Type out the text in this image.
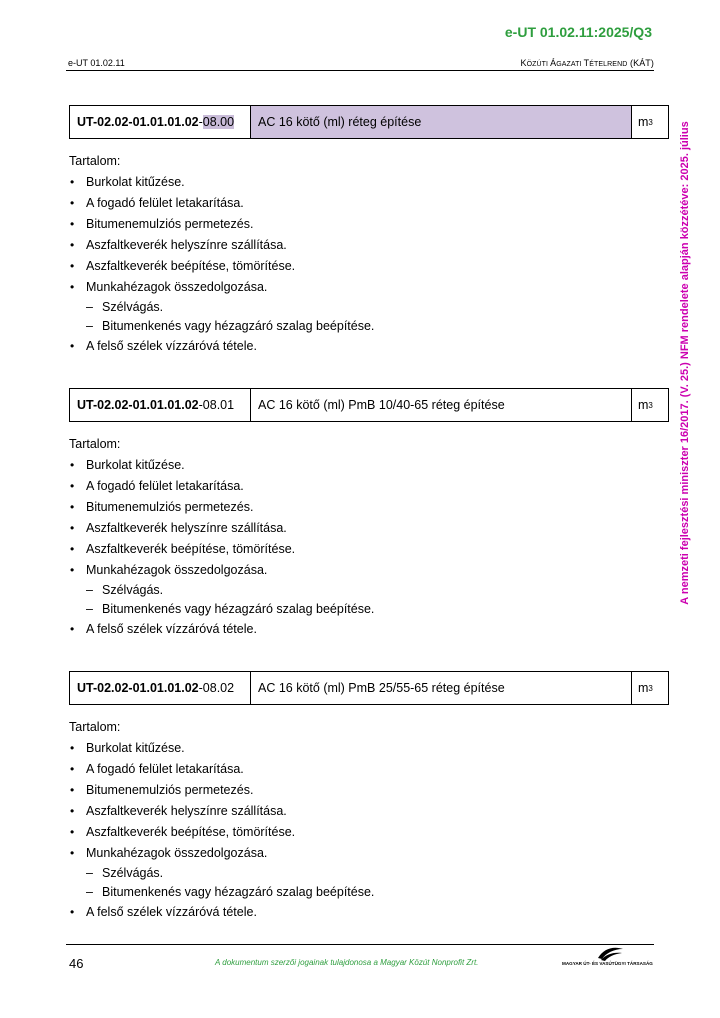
e-UT 01.02.11:2025/Q3
e-UT 01.02.11	KÖZÚTI ÁGAZATI TÉTELREND (KÁT)
A nemzeti fejlesztési miniszter 16/2017. (V. 25.) NFM rendelete alapján közzétéve: 2025. július
UT-02.02-01.01.01.02 - 08.00	AC 16 kötő (ml) réteg építése	m 3
Tartalom:
• Burkolat kitűzése.
• A fogadó felület letakarítása.
• Bitumenemulziós permetezés.
• Aszfaltkeverék helyszínre szállítása.
• Aszfaltkeverék beépítése, tömörítése.
• Munkahézagok összedolgozása.
– Szélvágás.
– Bitumenkenés vagy hézagzáró szalag beépítése.
• A felső szélek vízzáróvá tétele.
UT-02.02-01.01.01.02 - 08.01	AC 16 kötő (ml) PmB 10/40-65 réteg építése	m 3
Tartalom:
• Burkolat kitűzése.
• A fogadó felület letakarítása.
• Bitumenemulziós permetezés.
• Aszfaltkeverék helyszínre szállítása.
• Aszfaltkeverék beépítése, tömörítése.
• Munkahézagok összedolgozása.
– Szélvágás.
– Bitumenkenés vagy hézagzáró szalag beépítése.
• A felső szélek vízzáróvá tétele.
UT-02.02-01.01.01.02 - 08.02	AC 16 kötő (ml) PmB 25/55-65 réteg építése	m 3
Tartalom:
• Burkolat kitűzése.
• A fogadó felület letakarítása.
• Bitumenemulziós permetezés.
• Aszfaltkeverék helyszínre szállítása.
• Aszfaltkeverék beépítése, tömörítése.
• Munkahézagok összedolgozása.
– Szélvágás.
– Bitumenkenés vagy hézagzáró szalag beépítése.
• A felső szélek vízzáróvá tétele.
46	A dokumentum szerzői jogainak tulajdonosa a Magyar Közút Nonprofit Zrt.	MAGYAR ÚT- ÉS VASÚTÜGYI TÁRSASÁG
